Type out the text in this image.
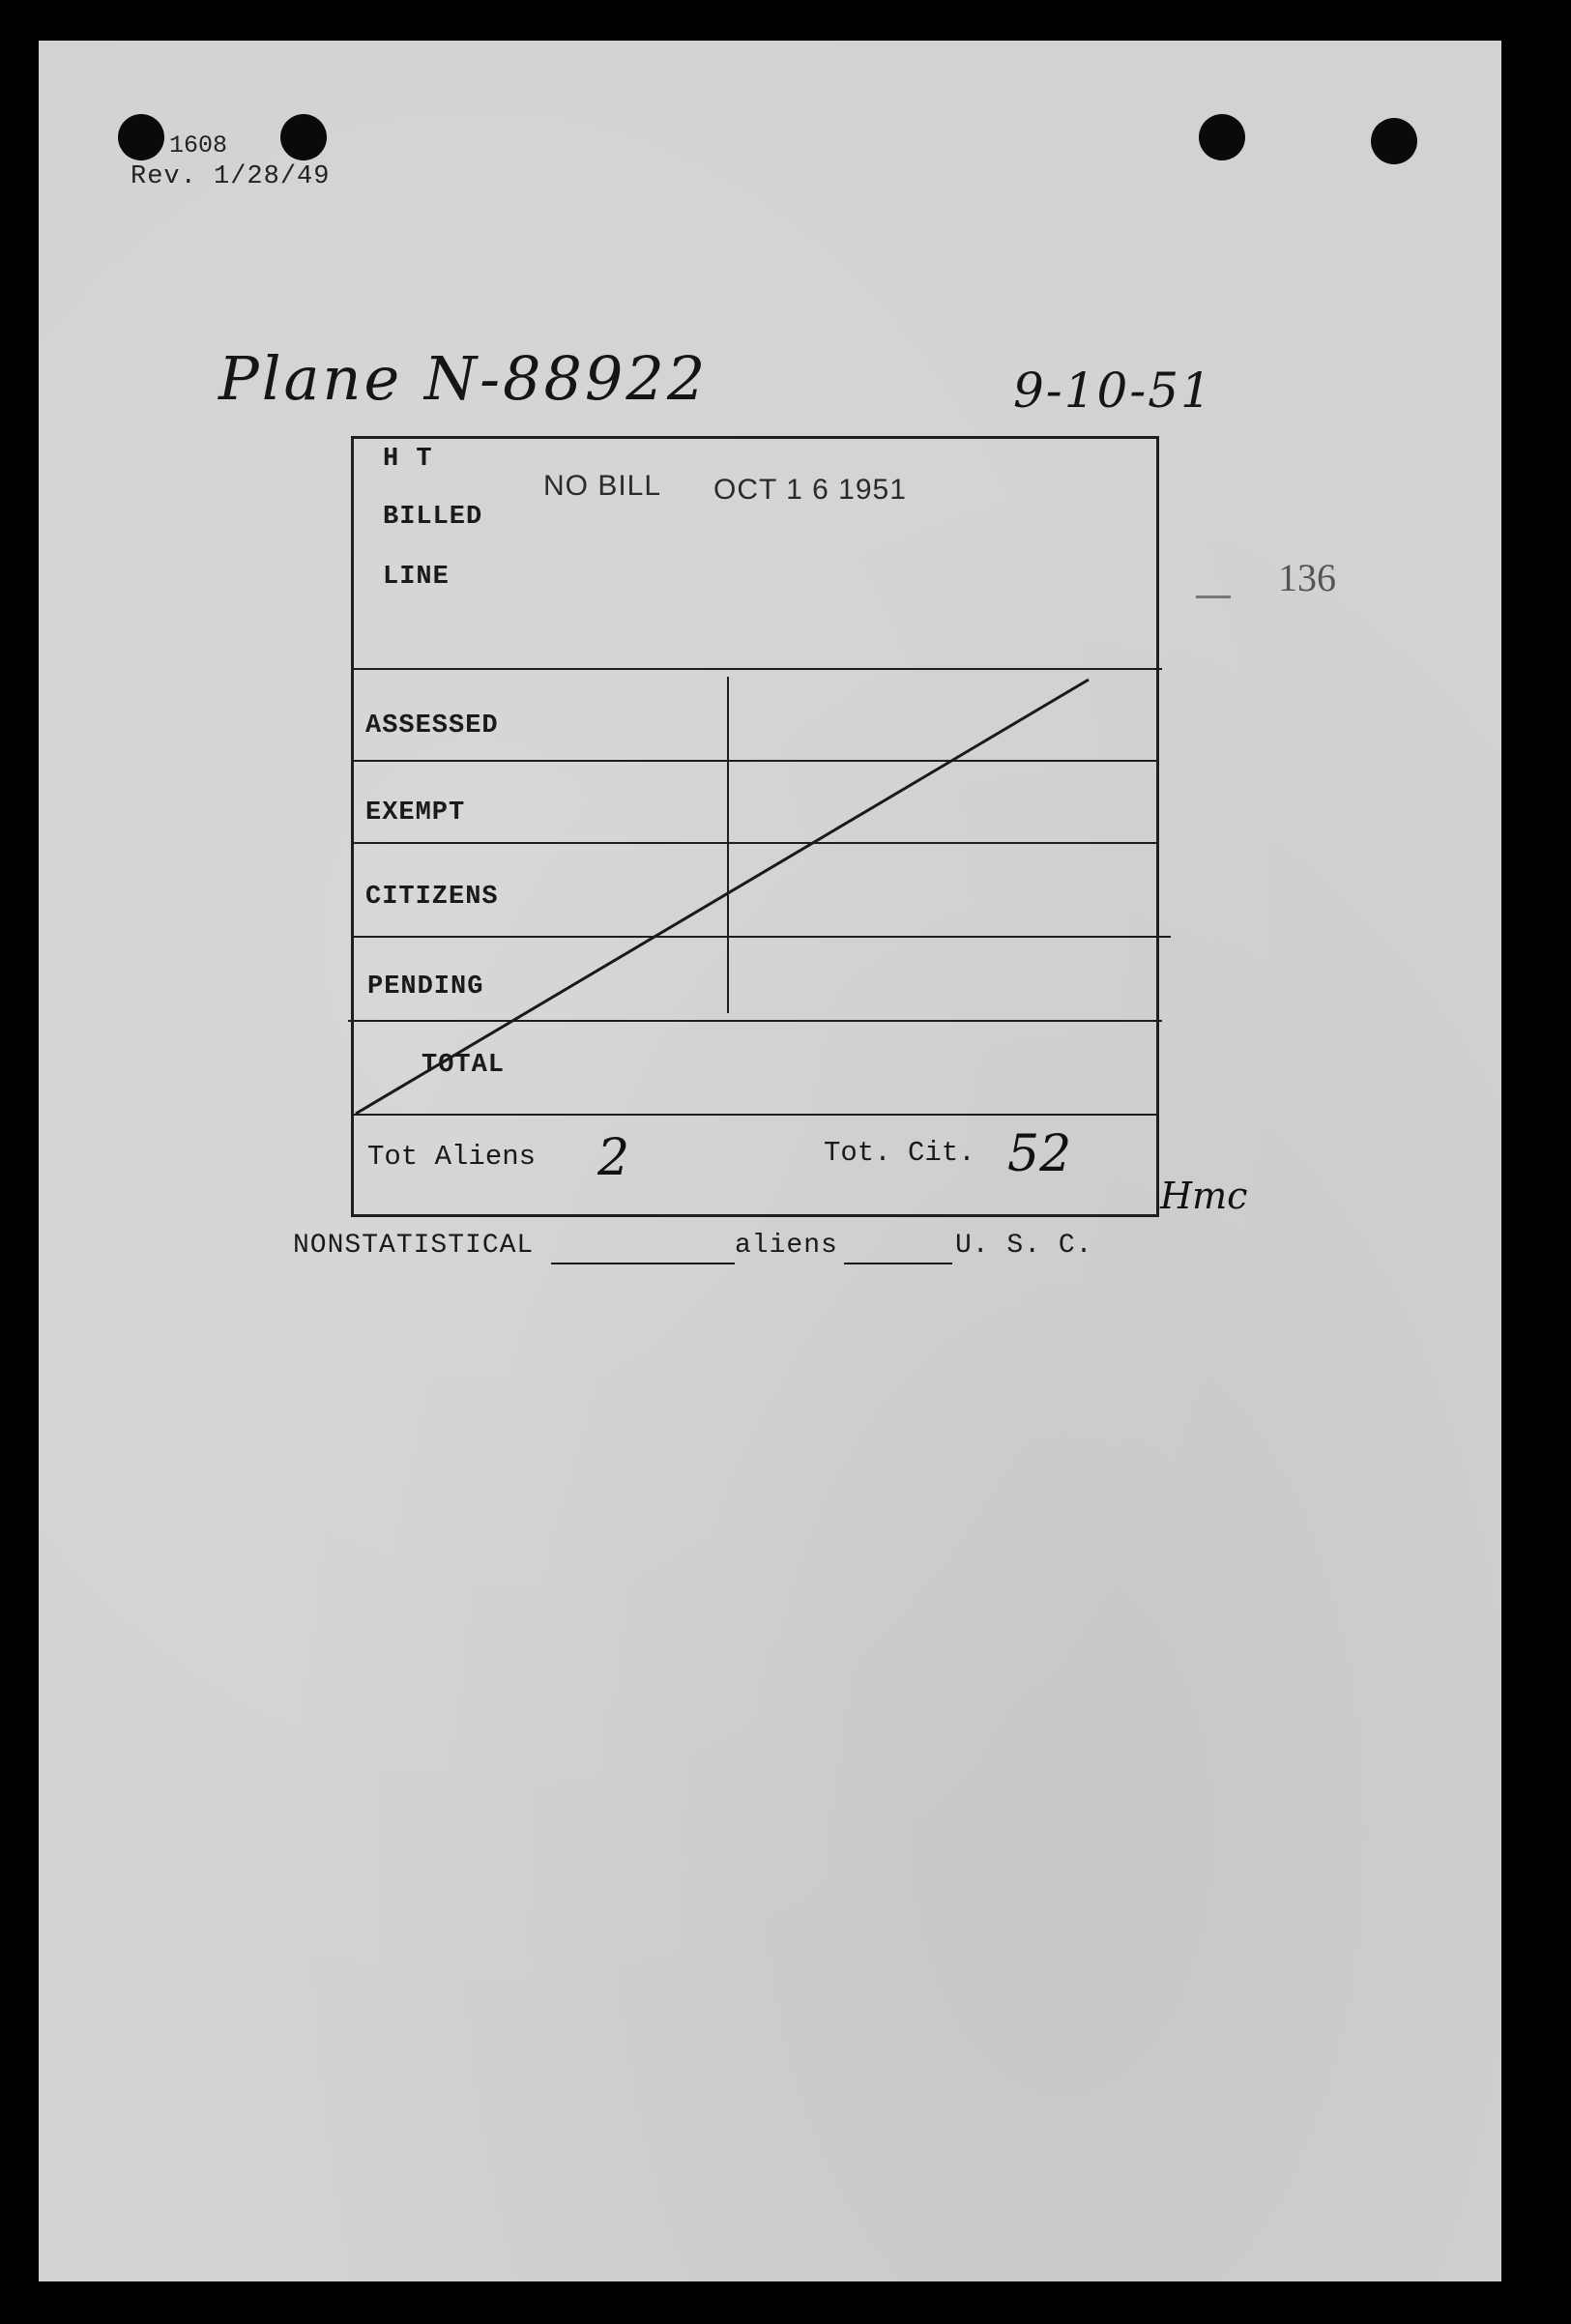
1608
Rev. 1/28/49
Plane N-88922	9-10-51
136
H T
BILLED
LINE
NO BILL OCT 1 6 1951
ASSESSED
EXEMPT
CITIZENS
PENDING
TOTAL
Tot Aliens 2	Tot. Cit. 52
Hmc
NONSTATISTICAL	aliens	U. S. C.
